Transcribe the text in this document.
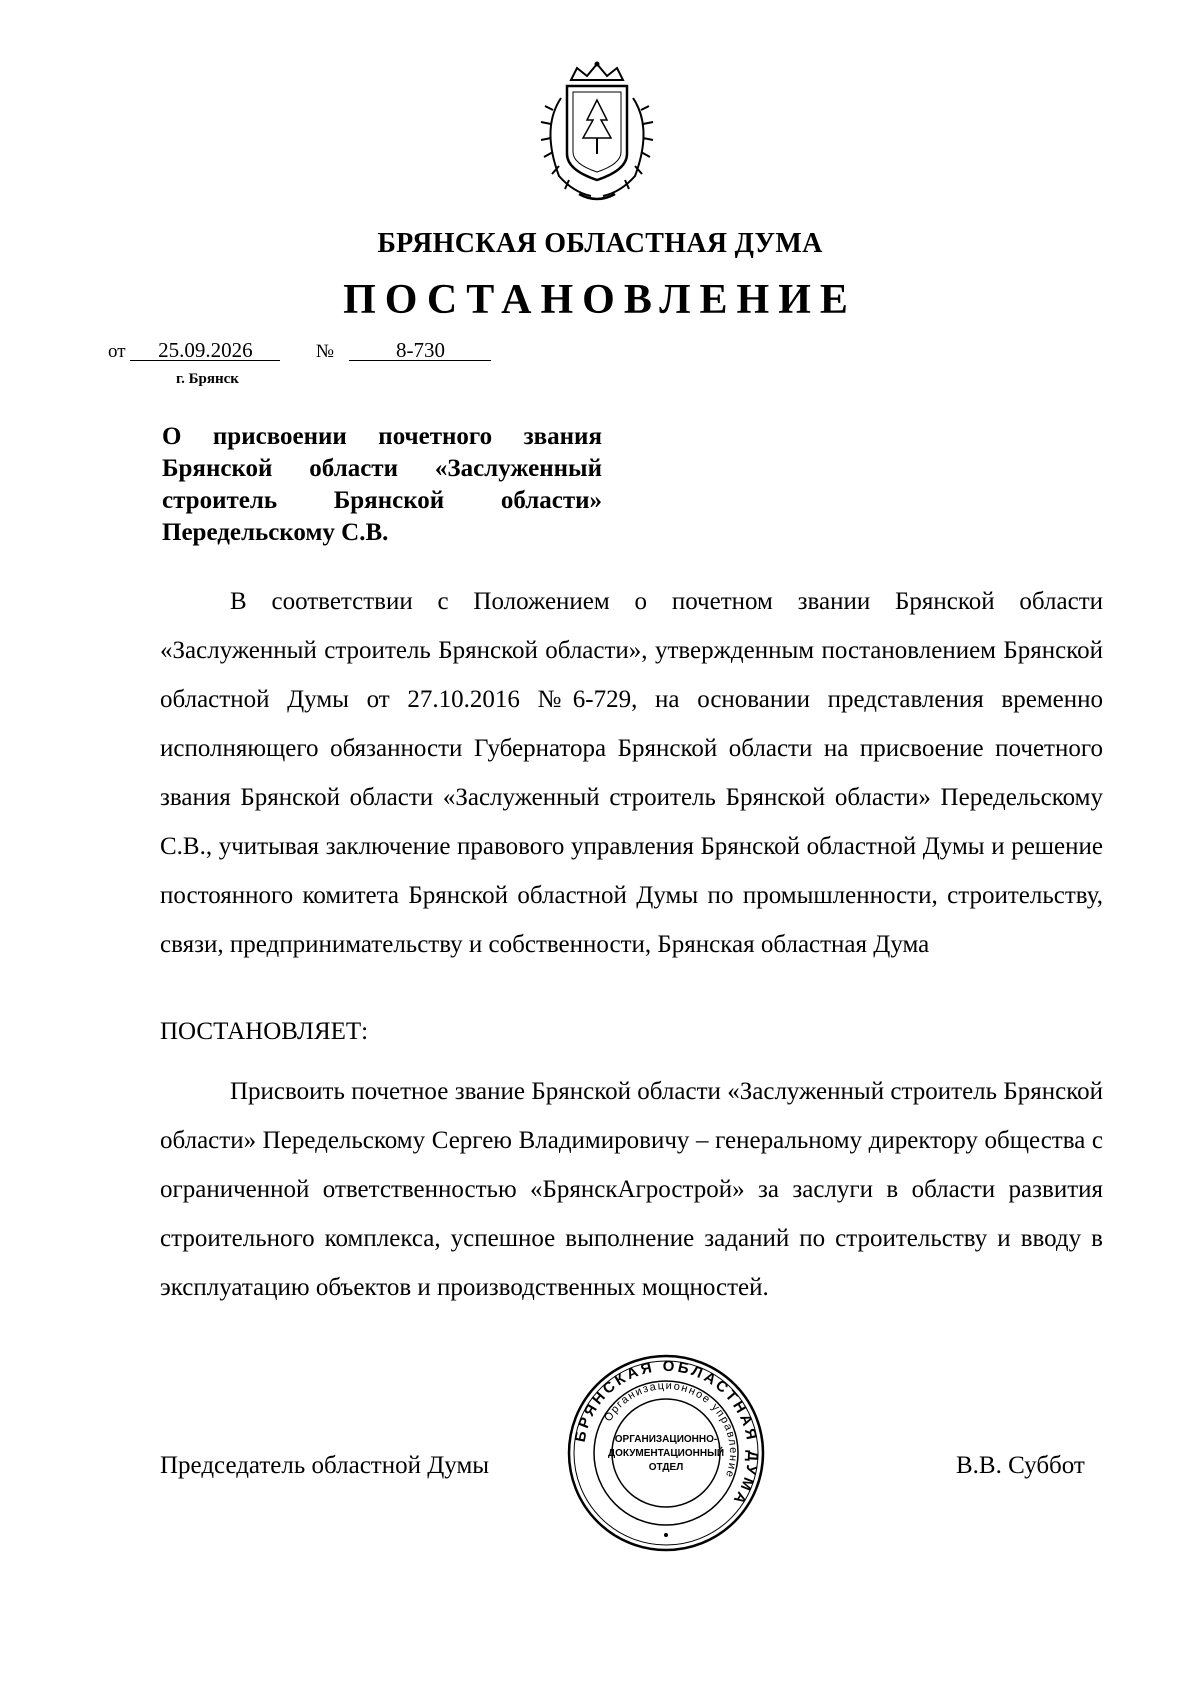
БРЯНСКАЯ ОБЛАСТНАЯ ДУМА
ПОСТАНОВЛЕНИЕ
от 25.09.2026	№	8-730
г. Брянск
О присвоении почетного звания
Брянской области «Заслуженный
строитель Брянской области»
Передельскому С.В.

В соответствии с Положением о почетном звании Брянской области «Заслуженный строитель Брянской области», утвержденным постановлением Брянской областной Думы от 27.10.2016 №6-729, на основании представления временно исполняющего обязанности Губернатора Брянской области на присвоение почетного звания Брянской области «Заслуженный строитель Брянской области» Передельскому С.В., учитывая заключение правового управления Брянской областной Думы и решение постоянного комитета Брянской областной Думы по промышленности, строительству, связи, предпринимательству и собственности, Брянская областная Дума

ПОСТАНОВЛЯЕТ:

Присвоить почетное звание Брянской области «Заслуженный строитель Брянской области» Передельскому Сергею Владимировичу – генеральному директору общества с ограниченной ответственностью «БрянскАгрострой» за заслуги в области развития строительного комплекса, успешное выполнение заданий по строительству и вводу в эксплуатацию объектов и производственных мощностей.

Председатель областной Думы	В.В. Суббот
БРЯНСКАЯ ОБЛАСТНАЯ ДУМА
Организационное управление
ОРГАНИЗАЦИОННО-
ДОКУМЕНТАЦИОННЫЙ
ОТДЕЛ
